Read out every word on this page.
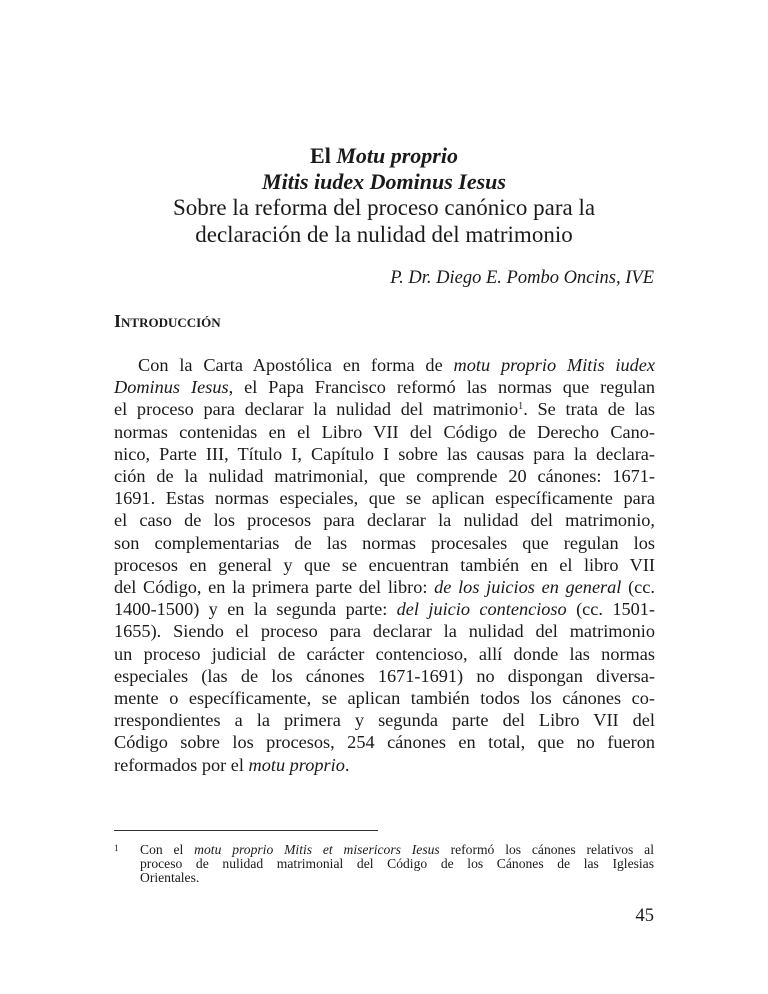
El Motu proprio
Mitis iudex Dominus Iesus
Sobre la reforma del proceso canónico para la
declaración de la nulidad del matrimonio
P. Dr. Diego E. Pombo Oncins, IVE
Introducción
Con la Carta Apostólica en forma de motu proprio Mitis iudex
Dominus Iesus, el Papa Francisco reformó las normas que regulan
el proceso para declarar la nulidad del matrimonio$^1$. Se trata de las
normas contenidas en el Libro VII del Código de Derecho Cano-
nico, Parte III, Título I, Capítulo I sobre las causas para la declara-
ción de la nulidad matrimonial, que comprende 20 cánones: 1671-
1691. Estas normas especiales, que se aplican específicamente para
el caso de los procesos para declarar la nulidad del matrimonio,
son complementarias de las normas procesales que regulan los
procesos en general y que se encuentran también en el libro VII
del Código, en la primera parte del libro: de los juicios en general (cc.
1400-1500) y en la segunda parte: del juicio contencioso (cc. 1501-
1655). Siendo el proceso para declarar la nulidad del matrimonio
un proceso judicial de carácter contencioso, allí donde las normas
especiales (las de los cánones 1671-1691) no dispongan diversa-
mente o específicamente, se aplican también todos los cánones co-
rrespondientes a la primera y segunda parte del Libro VII del
Código sobre los procesos, 254 cánones en total, que no fueron
reformados por el motu proprio.
1 Con el motu proprio Mitis et misericors Iesus reformó los cánones relativos al
proceso de nulidad matrimonial del Código de los Cánones de las Iglesias
Orientales.
45
